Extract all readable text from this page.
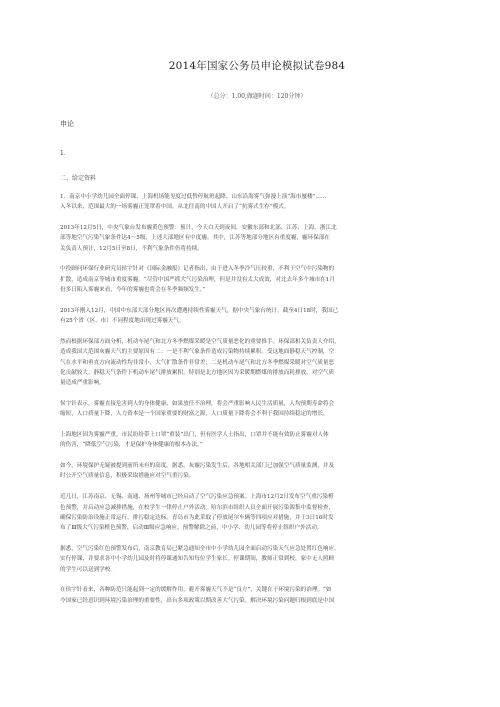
2014年国家公务员申论模拟试卷984
（总分：1.00,做题时间：120分钟）
申论
1．
二、给定资料
1．南京中小学幼儿园全面停课、上海机场能见度过低暂停航班起降、山东沿海雾气弥漫上演“海市蜃楼”……
入冬以来，范围最大的一场雾霾正笼罩着中国。从北往南的中国人开启了“抗雾式生存”模式。
2013年12月5日，中央气象台发布霾黄色预警：预计，今天白天到夜间，安徽东部和北部、江苏、上海、浙江北
部等地空气污染气象条件达4～5级，上述大部地区有中度霾。其中，江苏等地部分地区有重度霾，霾环保部在
关负责人预计，12月5日至8日，不利气象条件仍将持续。
中投顾问环保行业研究员侯宇针对《国际金融报》记者指出，由于进入冬季冷气压较重，不利于空气中污染物的
扩散，造成南京等城市重度雾霾。“尽管中国严抓大气污染治理，但是并没有太大成效，对比去年多个城市在1月
份多日陷入雾霾来看，今年的雾霾也将会在冬季频频发生。”
2013年刚入12月，中国中东部大部分地区再次遭遇持续性雾霾天气，据中央气象台统计，截至4日18时，我国已
有25个省（区、市）不同程度地出现过雾霾天气。
然而根据环保部方面分析，机动车尾气和北方冬季燃煤采暖是空气质量恶化的重要推手。环保部相关负责人介绍，
造成我国大范围灰霾天气的主要原因有二：一是不利气象条件造成污染物持续累积。受这地面静稳天气控制，空
气在水平和垂直方向流动性均非常小，大气扩散条件非常差；二是机动车尾气和北方冬季燃煤采暖对空气质量恶
化贡献较大。静稳天气条件下机动车尾气排放累积，特别是北方地区因为采暖期燃煤的排放而耗排放，对空气质
量造成严重影响。
侯宇针表示，雾霾直接危害到人的身体健康，如果放任不治理，将会严重影响人民生活质量，人均预期寿命将会
缩短，人口质量下降，人力资本是一个国家重要的财富之源，人口质量下降将会不利于我国持续稳定的增长。
上海地区因为雾霾严重，市民纷纷带上口罩“重装”出门，但有医学人士指出，口罩并不能有效防止雾霾对人体
的伤害，“降低空气污染，才是保护身体健康的根本办法。”
如今，环境保护无疑被提到前所未有的高度。据悉，灰霾污染发生后，各地相关部门已加强空气质量监测，并及
时公开空气质量信息，积极采取措施应对空气重污染。
近几日，江苏南京、无锡、南通、扬州等城市已经启动了空气污染应急预案。上海市12月2日发布空气重污染橙
色预警，并启动应急减排措施，在校学生一律停止户外活动。哈尔滨市组织人员全面开展污染源集中监督检查，
确保污染防治设施正常运行，排污稳定达标。青岛市为此采取了停放尾尔车辆等四项应对措施，并于3日16时发
布了Ⅲ级大气污染橙色预警，启动Ⅲ级应急响应，预警解除之前，中小学、幼儿园等将停止组织户外活动。
据悉，空气污染红色预警发布后，南京教育局已紧急通知全市中小学幼儿园全面启动污染天气应急处置红色响应，
实行停课，并要求各中小学幼儿园及时将停课通知告知每位学生家长。停课期间，教师正常到校，家中无人照顾
的学生可以送到学校。
在侯宇针看来，各种防范只能起到一定的缓解作用，避开雾霾天气不是“良方”，关键在于环境污染的治理。“如
今国家已经意识到环境污染治理的重要性，出台多项政策以期改善大气污染。解决环境污染问题归根到底是中国
